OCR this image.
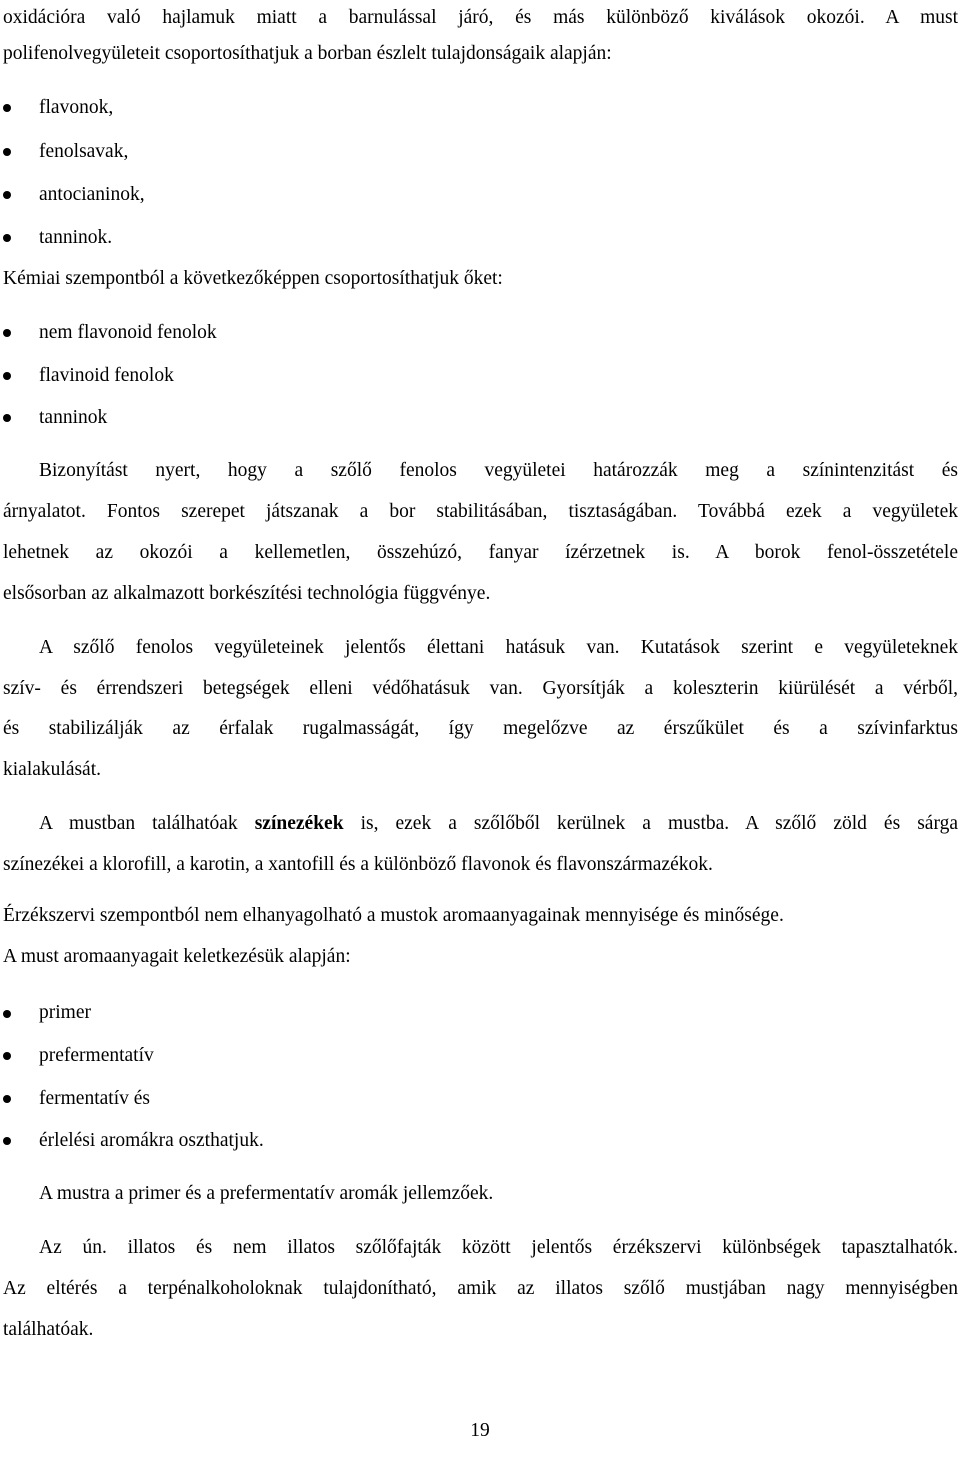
oxidációra való hajlamuk miatt a barnulással járó, és más különböző kiválások okozói. A must
polifenolvegyületeit csoportosíthatjuk a borban észlelt tulajdonságaik alapján:
flavonok,
fenolsavak,
antocianinok,
tanninok.
Kémiai szempontból a következőképpen csoportosíthatjuk őket:
nem flavonoid fenolok
flavinoid fenolok
tanninok
Bizonyítást nyert, hogy a szőlő fenolos vegyületei határozzák meg a színintenzitást és
árnyalatot. Fontos szerepet játszanak a bor stabilitásában, tisztaságában. Továbbá ezek a vegyületek
lehetnek az okozói a kellemetlen, összehúzó, fanyar ízérzetnek is. A borok fenol-összetétele
elsősorban az alkalmazott borkészítési technológia függvénye.
A szőlő fenolos vegyületeinek jelentős élettani hatásuk van. Kutatások szerint e vegyületeknek
szív- és érrendszeri betegségek elleni védőhatásuk van. Gyorsítják a koleszterin kiürülését a vérből,
és stabilizálják az érfalak rugalmasságát, így megelőzve az érszűkület és a szívinfarktus
kialakulását.
A mustban találhatóak színezékek is, ezek a szőlőből kerülnek a mustba. A szőlő zöld és sárga
színezékei a klorofill, a karotin, a xantofill és a különböző flavonok és flavonszármazékok.
Érzékszervi szempontból nem elhanyagolható a mustok aromaanyagainak mennyisége és minősége.
A must aromaanyagait keletkezésük alapján:
primer
prefermentatív
fermentatív és
érlelési aromákra oszthatjuk.
A mustra a primer és a prefermentatív aromák jellemzőek.
Az ún. illatos és nem illatos szőlőfajták között jelentős érzékszervi különbségek tapasztalhatók.
Az eltérés a terpénalkoholoknak tulajdonítható, amik az illatos szőlő mustjában nagy mennyiségben
találhatóak.
19
